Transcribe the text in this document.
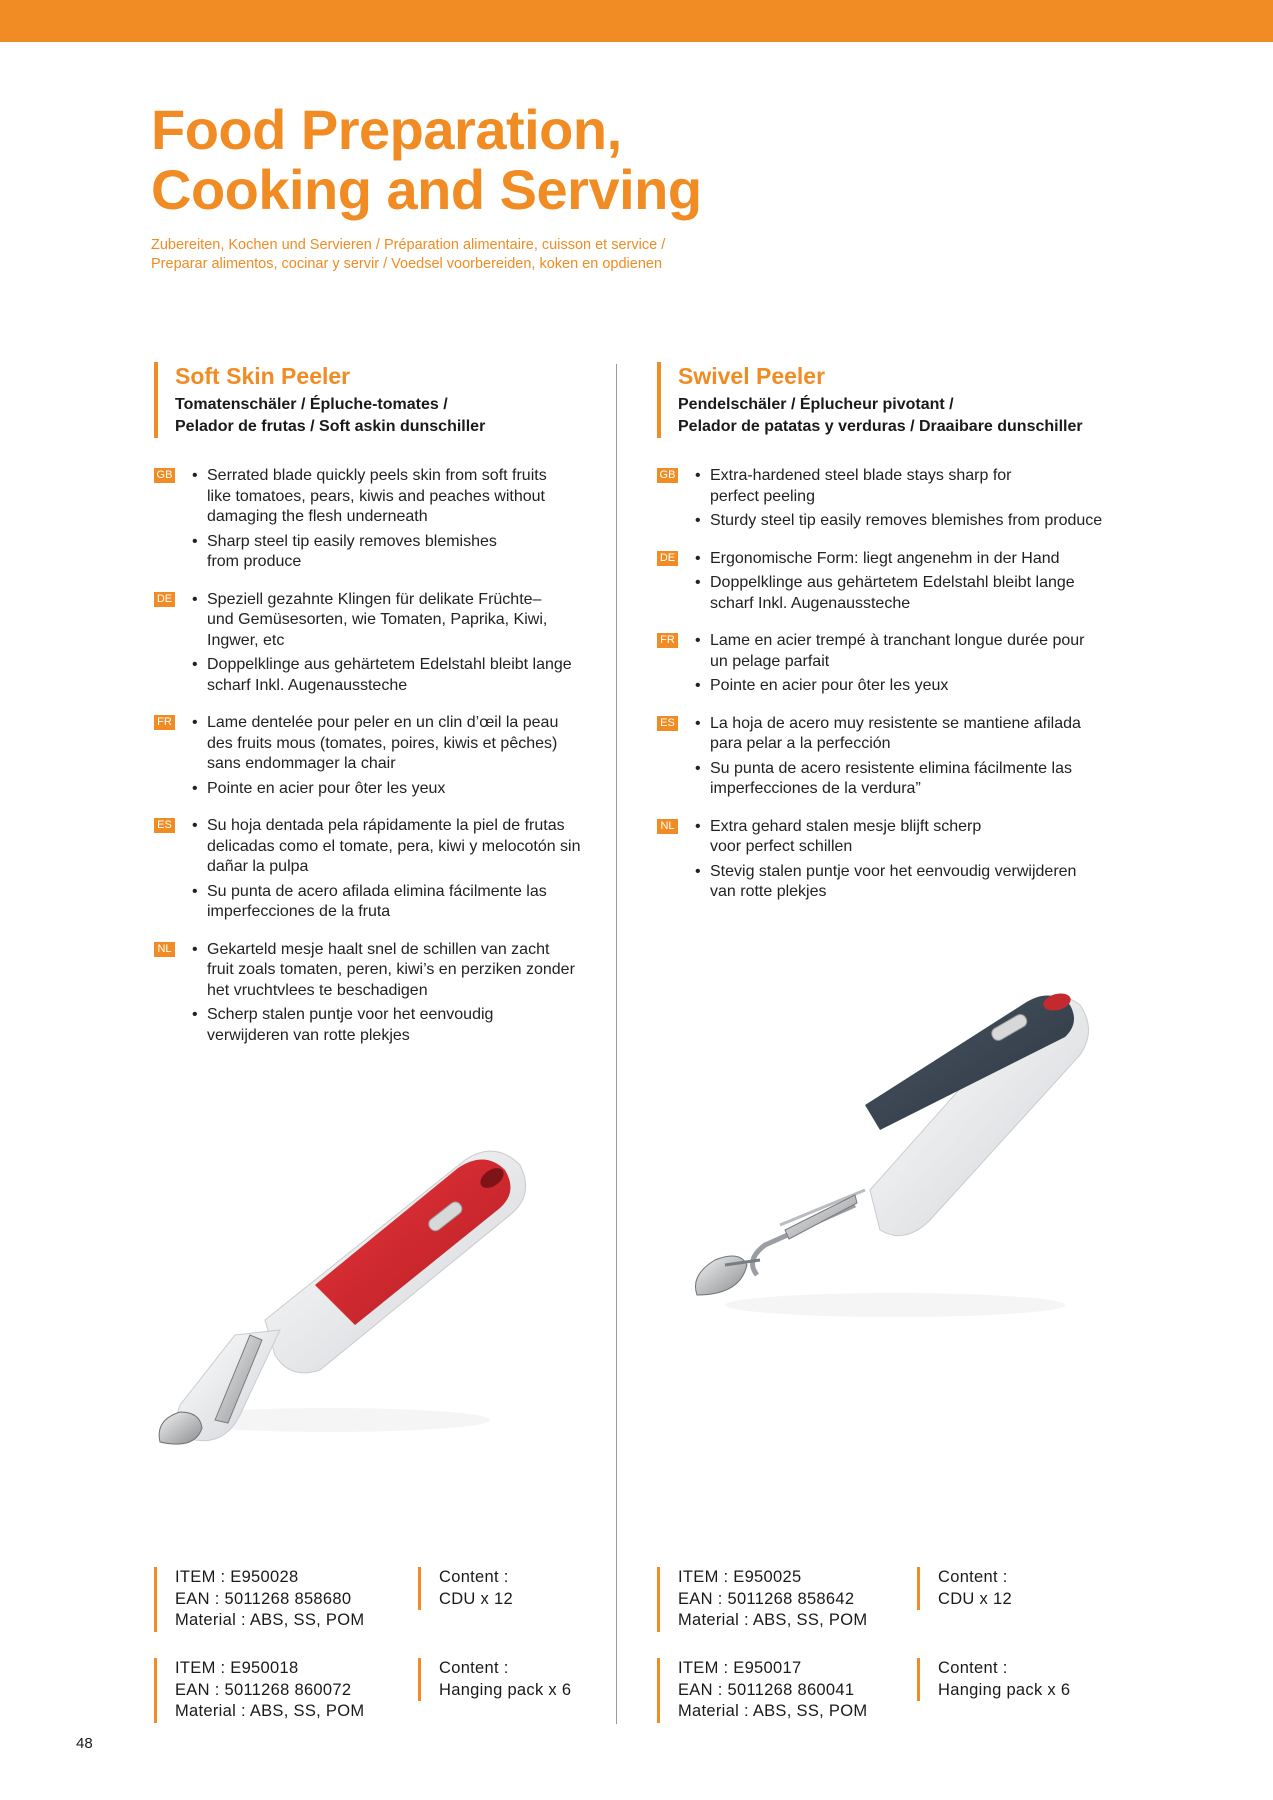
Food Preparation,
Cooking and Serving
Zubereiten, Kochen und Servieren / Préparation alimentaire, cuisson et service /
Preparar alimentos, cocinar y servir / Voedsel voorbereiden, koken en opdienen
Soft Skin Peeler
Tomatenschäler / Épluche-tomates /
Pelador de frutas / Soft askin dunschiller
GB • Serrated blade quickly peels skin from soft fruits
like tomatoes, pears, kiwis and peaches without
damaging the flesh underneath
• Sharp steel tip easily removes blemishes
from produce
DE • Speziell gezahnte Klingen für delikate Früchte–
und Gemüsesorten, wie Tomaten, Paprika, Kiwi,
Ingwer, etc
• Doppelklinge aus gehärtetem Edelstahl bleibt lange
scharf Inkl. Augenaussteche
FR • Lame dentelée pour peler en un clin d’œil la peau
des fruits mous (tomates, poires, kiwis et pêches)
sans endommager la chair
• Pointe en acier pour ôter les yeux
ES • Su hoja dentada pela rápidamente la piel de frutas
delicadas como el tomate, pera, kiwi y melocotón sin
dañar la pulpa
• Su punta de acero afilada elimina fácilmente las
imperfecciones de la fruta
NL • Gekarteld mesje haalt snel de schillen van zacht
fruit zoals tomaten, peren, kiwi’s en perziken zonder
het vruchtvlees te beschadigen
• Scherp stalen puntje voor het eenvoudig
verwijderen van rotte plekjes
Swivel Peeler
Pendelschäler / Éplucheur pivotant /
Pelador de patatas y verduras / Draaibare dunschiller
GB • Extra-hardened steel blade stays sharp for
perfect peeling
• Sturdy steel tip easily removes blemishes from produce
DE • Ergonomische Form: liegt angenehm in der Hand
• Doppelklinge aus gehärtetem Edelstahl bleibt lange
scharf Inkl. Augenaussteche
FR • Lame en acier trempé à tranchant longue durée pour
un pelage parfait
• Pointe en acier pour ôter les yeux
ES • La hoja de acero muy resistente se mantiene afilada
para pelar a la perfección
• Su punta de acero resistente elimina fácilmente las
imperfecciones de la verdura”
NL • Extra gehard stalen mesje blijft scherp
voor perfect schillen
• Stevig stalen puntje voor het eenvoudig verwijderen
van rotte plekjes
ITEM : E950028
EAN : 5011268 858680
Material : ABS, SS, POM
Content :
CDU x 12
ITEM : E950018
EAN : 5011268 860072
Material : ABS, SS, POM
Content :
Hanging pack x 6
ITEM : E950025
EAN : 5011268 858642
Material : ABS, SS, POM
Content :
CDU x 12
ITEM : E950017
EAN : 5011268 860041
Material : ABS, SS, POM
Content :
Hanging pack x 6
48
